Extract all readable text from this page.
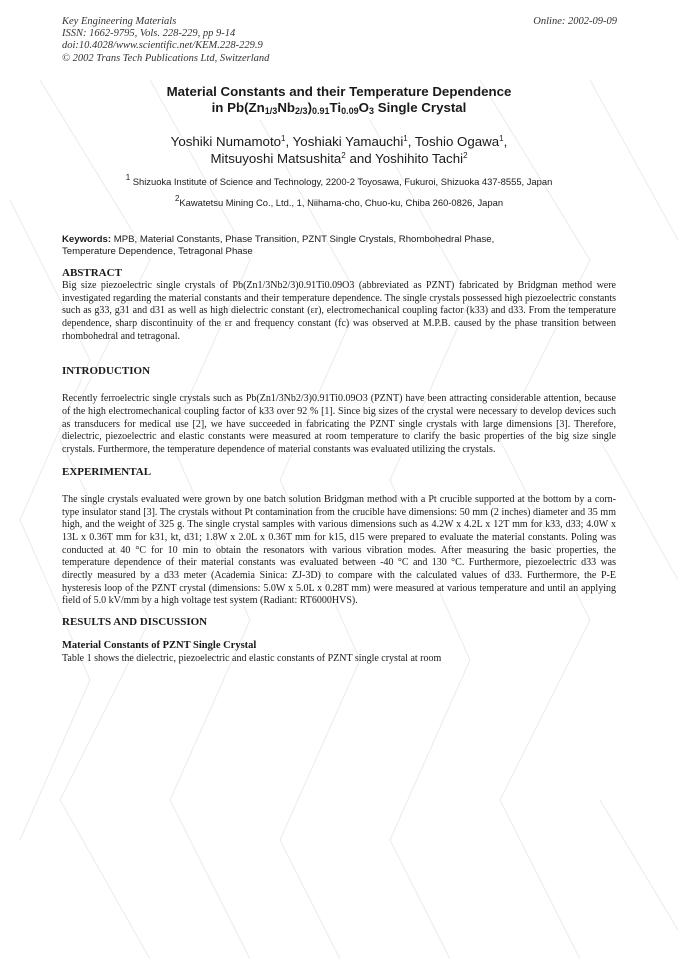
Key Engineering Materials
ISSN: 1662-9795, Vols. 228-229, pp 9-14
doi:10.4028/www.scientific.net/KEM.228-229.9
© 2002 Trans Tech Publications Ltd, Switzerland
Online: 2002-09-09
Material Constants and their Temperature Dependence
in $Pb(Zn_{1/3}Nb_{2/3})_{0.91}Ti_{0.09}O_3$ Single Crystal
Yoshiki Numamoto$^1$, Yoshiaki Yamauchi$^1$, Toshio Ogawa$^1$,
Mitsuyoshi Matsushita$^2$ and Yoshihito Tachi$^2$
$^1$ Shizuoka Institute of Science and Technology, 2200-2 Toyosawa, Fukuroi, Shizuoka 437-8555, Japan
$^2$Kawatetsu Mining Co., Ltd., 1, Niihama-cho, Chuo-ku, Chiba 260-0826, Japan
Keywords: MPB, Material Constants, Phase Transition, PZNT Single Crystals, Rhombohedral Phase, Temperature Dependence, Tetragonal Phase
ABSTRACT

Big size piezoelectric single crystals of Pb(Zn1/3Nb2/3)0.91Ti0.09O3 (abbreviated as PZNT) fabricated by Bridgman method were investigated regarding the material constants and their temperature dependence. The single crystals possessed high piezoelectric constants such as g33, g31 and d31 as well as high dielectric constant (εr), electromechanical coupling factor (k33) and d33. From the temperature dependence, sharp discontinuity of the εr and frequency constant (fc) was observed at M.P.B. caused by the phase transition between rhombohedral and tetragonal.

INTRODUCTION

Recently ferroelectric single crystals such as Pb(Zn1/3Nb2/3)0.91Ti0.09O3 (PZNT) have been attracting considerable attention, because of the high electromechanical coupling factor of k33 over 92 % [1]. Since big sizes of the crystal were necessary to develop devices such as transducers for medical use [2], we have succeeded in fabricating the PZNT single crystals with large dimensions [3]. Therefore, dielectric, piezoelectric and elastic constants were measured at room temperature to clarify the basic properties of the big size single crystals. Furthermore, the temperature dependence of material constants was evaluated utilizing the crystals.

EXPERIMENTAL

The single crystals evaluated were grown by one batch solution Bridgman method with a Pt crucible supported at the bottom by a corn-type insulator stand [3]. The crystals without Pt contamination from the crucible have dimensions: 50 mm (2 inches) diameter and 35 mm high, and the weight of 325 g. The single crystal samples with various dimensions such as 4.2W x 4.2L x 12T mm for k33, d33; 4.0W x 13L x 0.36T mm for k31, kt, d31; 1.8W x 2.0L x 0.36T mm for k15, d15 were prepared to evaluate the material constants. Poling was conducted at 40 °C for 10 min to obtain the resonators with various vibration modes. After measuring the basic properties, the temperature dependence of their material constants was evaluated between -40 °C and 130 °C. Furthermore, piezoelectric d33 was directly measured by a d33 meter (Academia Sinica: ZJ-3D) to compare with the calculated values of d33. Furthermore, the P-E hysteresis loop of the PZNT crystal (dimensions: 5.0W x 5.0L x 0.28T mm) were measured at various temperature and until an applying field of 5.0 kV/mm by a high voltage test system (Radiant: RT6000HVS).

RESULTS AND DISCUSSION
Material Constants of PZNT Single Crystal

Table 1 shows the dielectric, piezoelectric and elastic constants of PZNT single crystal at room
